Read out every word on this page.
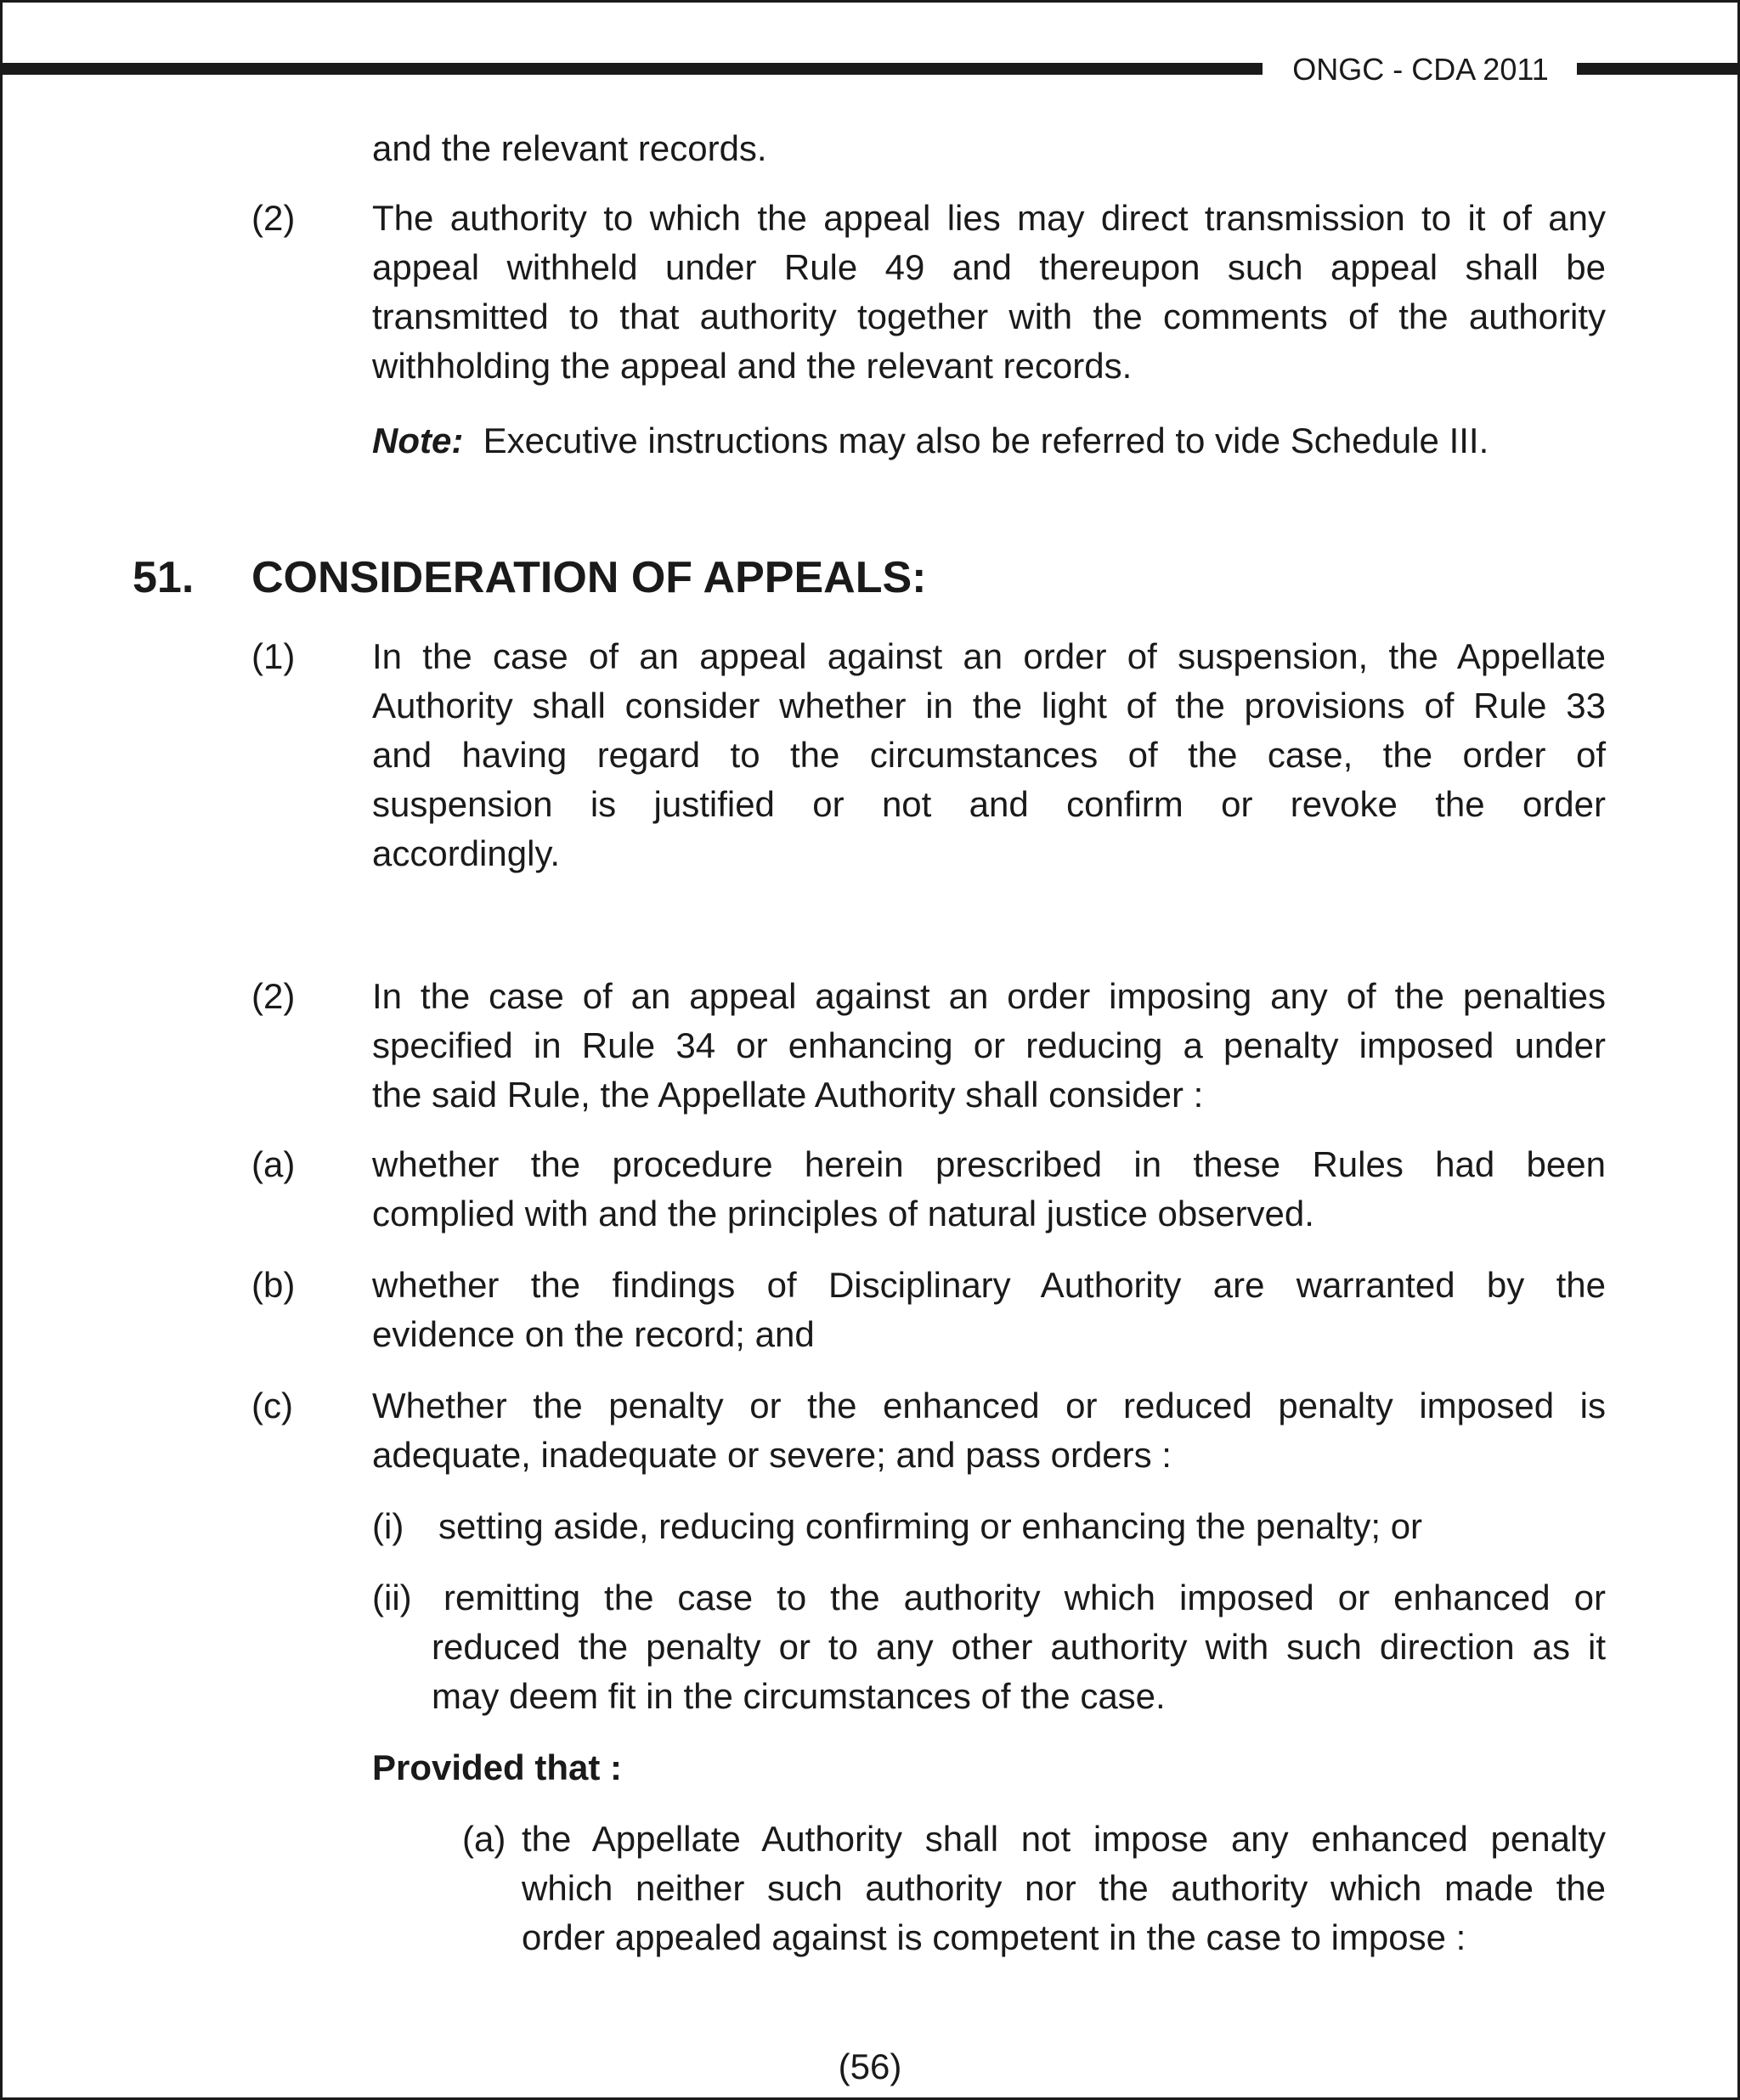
ONGC - CDA 2011
and the relevant records.
(2) The authority to which the appeal lies may direct transmission to it of any
appeal withheld under Rule 49 and thereupon such appeal shall be
transmitted to that authority together with the comments of the authority
withholding the appeal and the relevant records.
Note: Executive instructions may also be referred to vide Schedule III.
51. CONSIDERATION OF APPEALS:
(1) In the case of an appeal against an order of suspension, the Appellate
Authority shall consider whether in the light of the provisions of Rule 33
and having regard to the circumstances of the case, the order of
suspension is justified or not and confirm or revoke the order
accordingly.
(2) In the case of an appeal against an order imposing any of the penalties
specified in Rule 34 or enhancing or reducing a penalty imposed under
the said Rule, the Appellate Authority shall consider :
(a) whether the procedure herein prescribed in these Rules had been
complied with and the principles of natural justice observed.
(b) whether the findings of Disciplinary Authority are warranted by the
evidence on the record; and
(c) Whether the penalty or the enhanced or reduced penalty imposed is
adequate, inadequate or severe; and pass orders :
(i) setting aside, reducing confirming or enhancing the penalty; or
(ii) remitting the case to the authority which imposed or enhanced or
reduced the penalty or to any other authority with such direction as it
may deem fit in the circumstances of the case.
Provided that :
(a) the Appellate Authority shall not impose any enhanced penalty
which neither such authority nor the authority which made the
order appealed against is competent in the case to impose :
(56)
